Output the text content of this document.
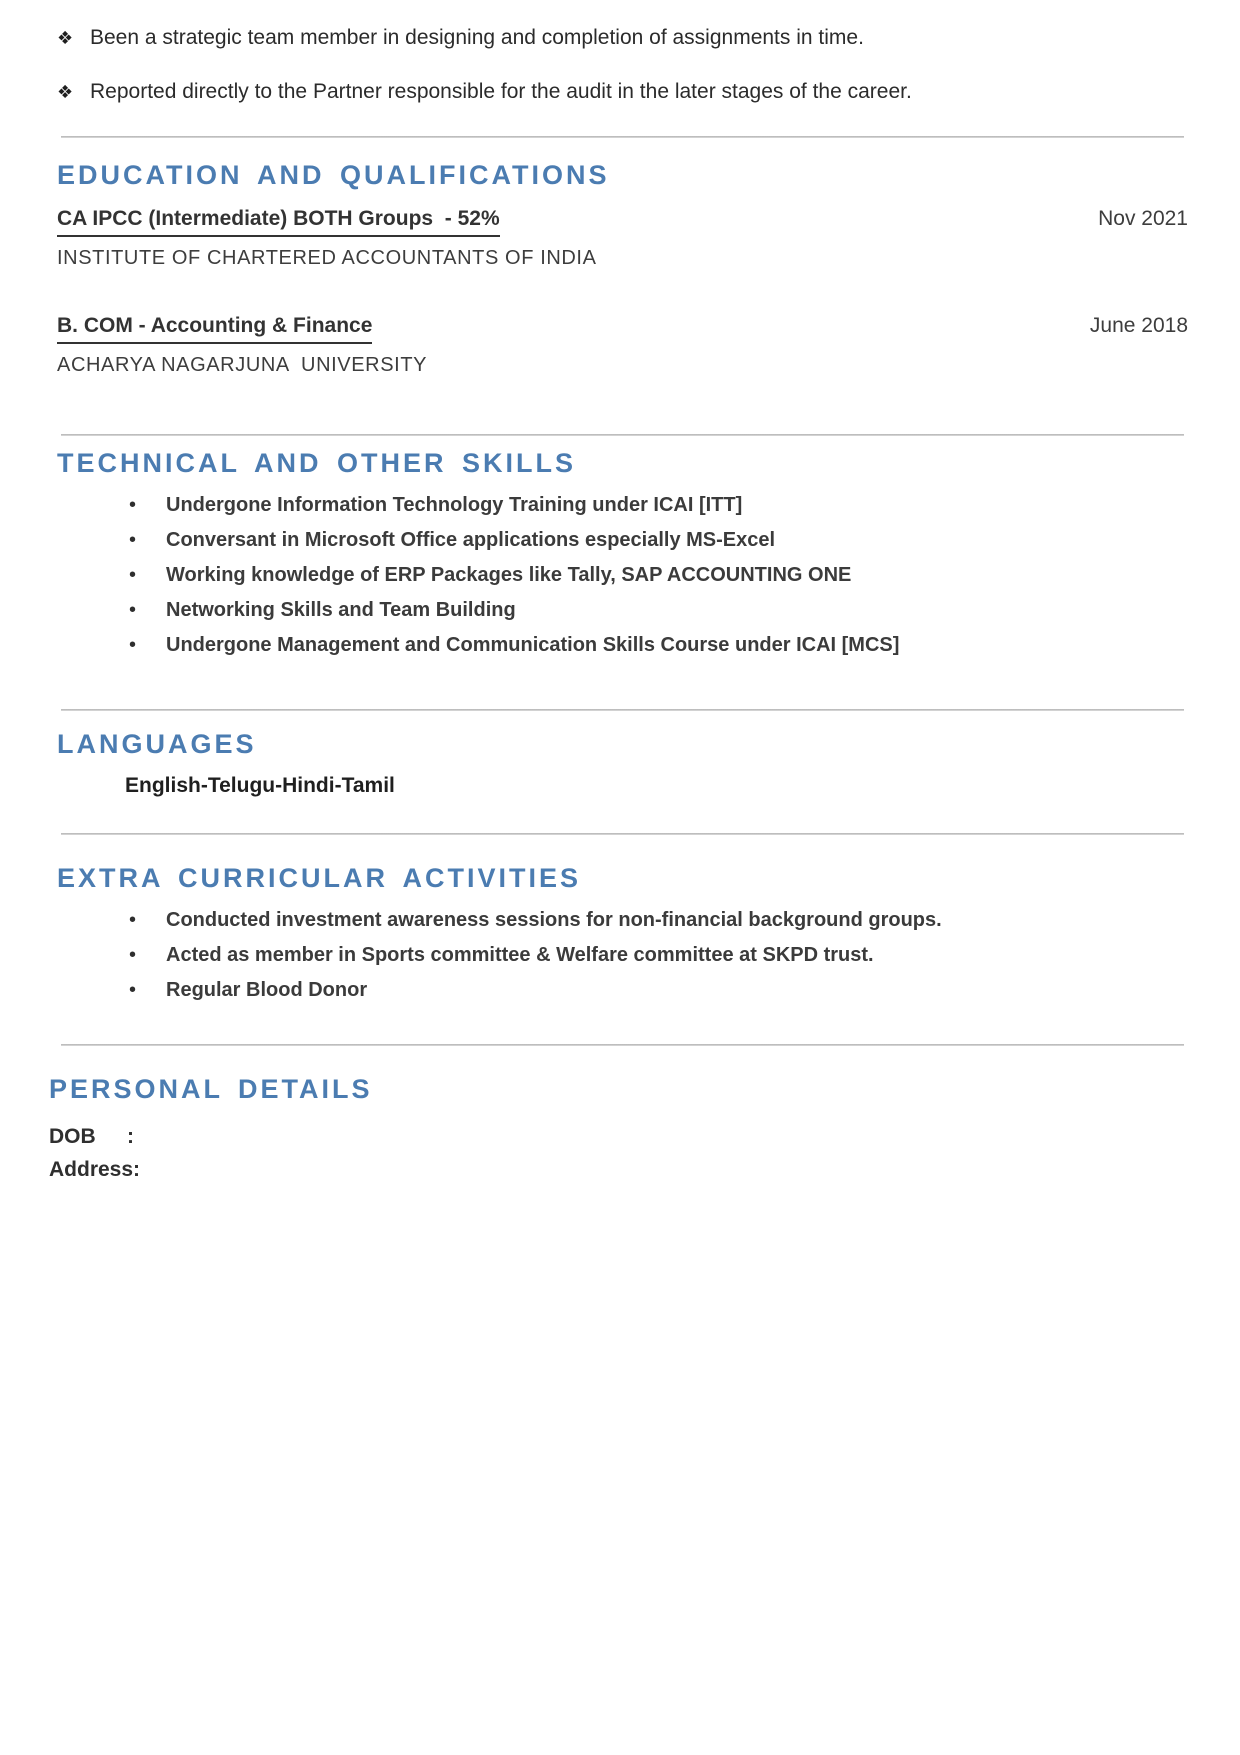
❖ Been a strategic team member in designing and completion of assignments in time.
❖ Reported directly to the Partner responsible for the audit in the later stages of the career.
EDUCATION AND QUALIFICATIONS
CA IPCC (Intermediate) BOTH Groups  - 52%	Nov 2021
INSTITUTE OF CHARTERED ACCOUNTANTS OF INDIA
B. COM - Accounting & Finance	June 2018
ACHARYA NAGARJUNA  UNIVERSITY
TECHNICAL AND OTHER SKILLS
•	Undergone Information Technology Training under ICAI [ITT]
•	Conversant in Microsoft Office applications especially MS-Excel
•	Working knowledge of ERP Packages like Tally, SAP ACCOUNTING ONE
•	Networking Skills and Team Building
•	Undergone Management and Communication Skills Course under ICAI [MCS]
LANGUAGES
English-Telugu-Hindi-Tamil
EXTRA CURRICULAR ACTIVITIES
•	Conducted investment awareness sessions for non-financial background groups.
•	Acted as member in Sports committee & Welfare committee at SKPD trust.
•	Regular Blood Donor
PERSONAL DETAILS
DOB	:
Address :
